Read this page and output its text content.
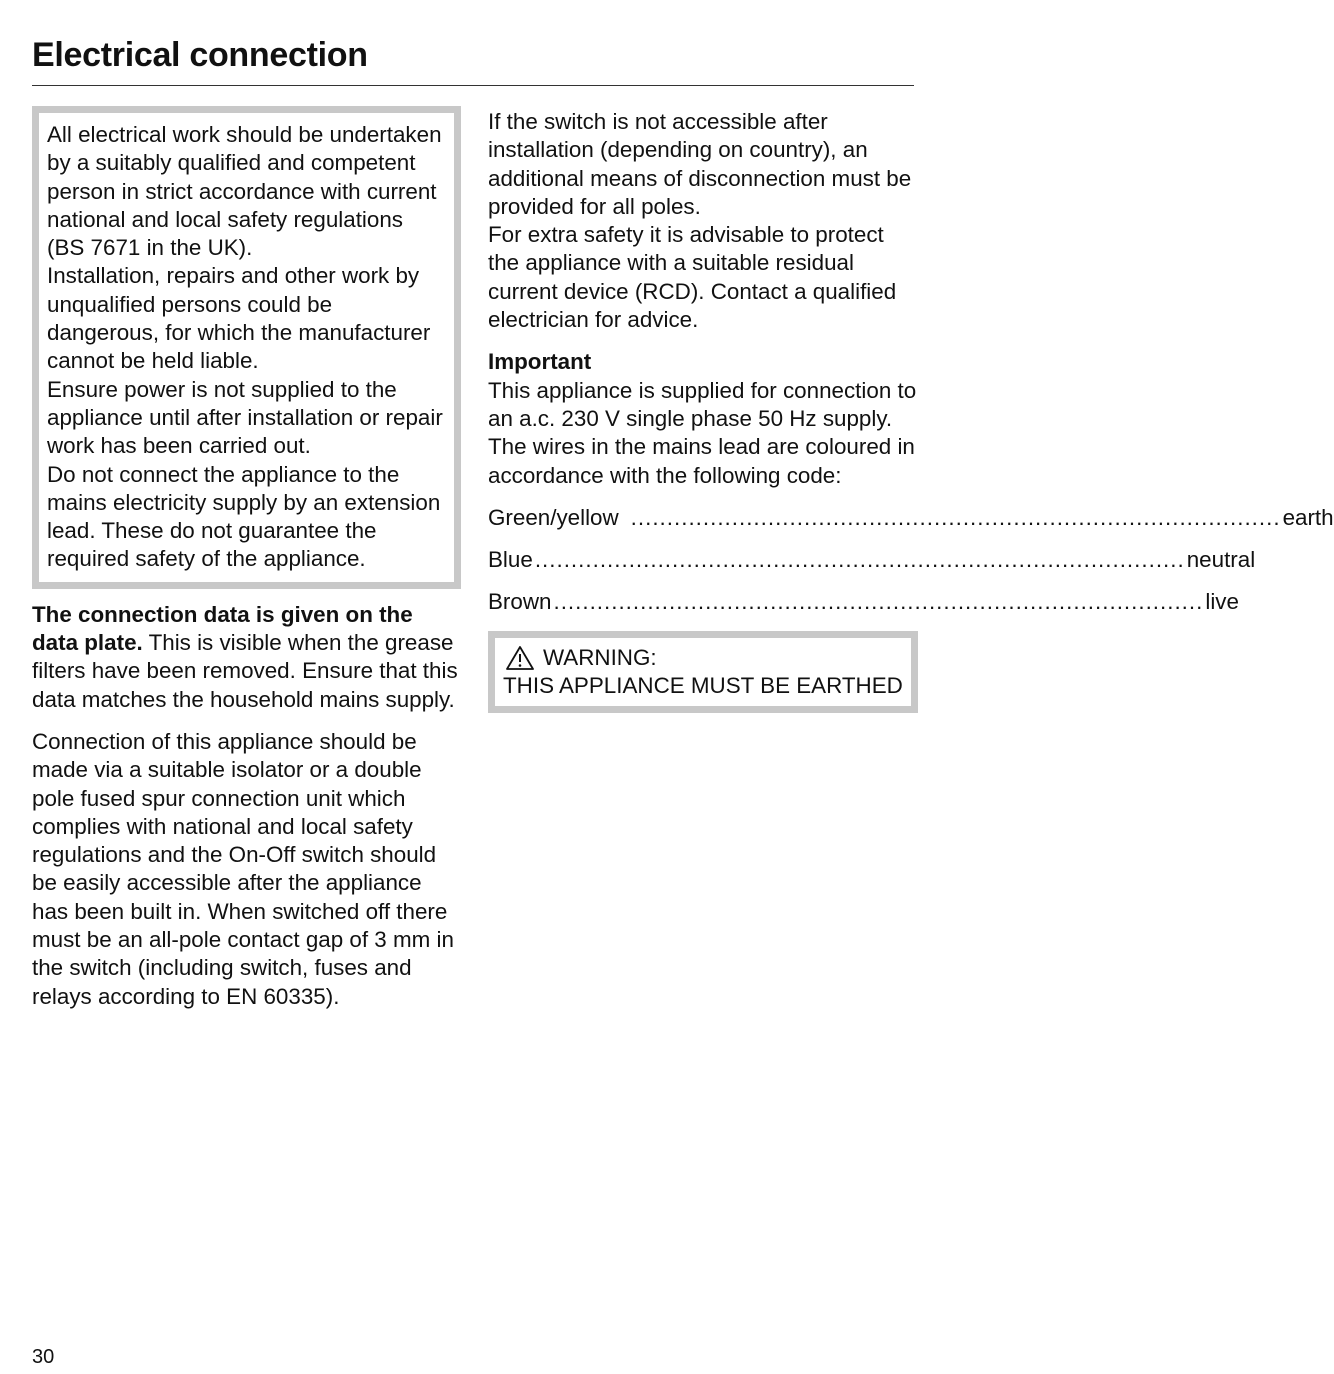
Electrical connection

All electrical work should be undertaken by a suitably qualified and competent person in strict accordance with current national and local safety regulations (BS 7671 in the UK).

Installation, repairs and other work by unqualified persons could be dangerous, for which the manufacturer cannot be held liable.

Ensure power is not supplied to the appliance until after installation or repair work has been carried out.

Do not connect the appliance to the mains electricity supply by an extension lead. These do not guarantee the required safety of the appliance.

The connection data is given on the data plate. This is visible when the grease filters have been removed. Ensure that this data matches the household mains supply.
Connection of this appliance should be made via a suitable isolator or a double pole fused spur connection unit which complies with national and local safety regulations and the On-Off switch should be easily accessible after the appliance has been built in. When switched off there must be an all-pole contact gap of 3 mm in the switch (including switch, fuses and relays according to EN 60335).

If the switch is not accessible after installation (depending on country), an additional means of disconnection must be provided for all poles.

For extra safety it is advisable to protect the appliance with a suitable residual current device (RCD). Contact a qualified electrician for advice.

Important
This appliance is supplied for connection to an a.c. 230 V single phase 50 Hz supply. The wires in the mains lead are coloured in accordance with the following code:
Green/yellow .......................................................................................... earth
Blue .......................................................................................... neutral
Brown .......................................................................................... live
WARNING:
THIS APPLIANCE MUST BE EARTHED
30
